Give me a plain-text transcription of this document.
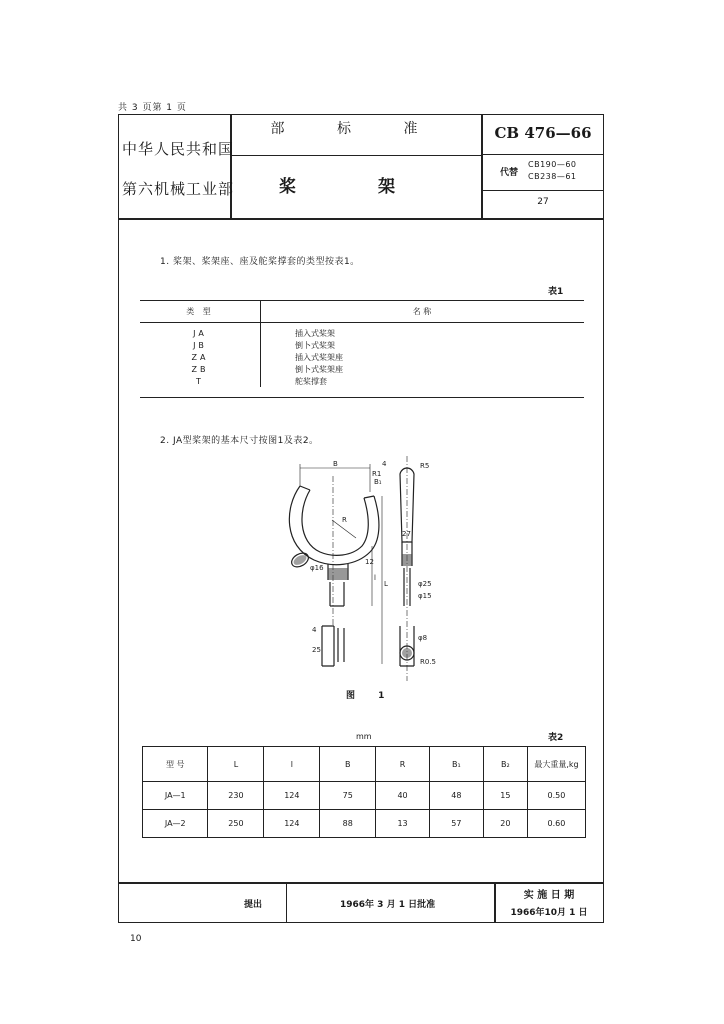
共 3 页第 1 页
中华人民共和国
第六机械工业部
部 标 准
桨 架
CB 476—66
代替
CB190—60
CB238—61
27
1. 桨架、桨架座、座及舵桨撑套的类型按表1。
表1
类 型	名 称
JA	插入式桨架
JB	倒卜式桨架
ZA	插入式桨架座
ZB	倒卜式桨架座
T	舵桨撑套
2. JA型桨架的基本尺寸按图1及表2。
B
B₁
R1
R
R5
L
l
φ16
φ25
φ15
φ8
R0.5
27
12
4
4
25
图 1
mm	表2
型 号	L	l	B	R	B₁	B₂	最大重量,kg
JA—1	230	124	75	40	48	15	0.50
JA—2	250	124	88	13	57	20	0.60
提出	1966年 3 月 1 日批准
实 施 日 期
1966年10月 1 日
10
